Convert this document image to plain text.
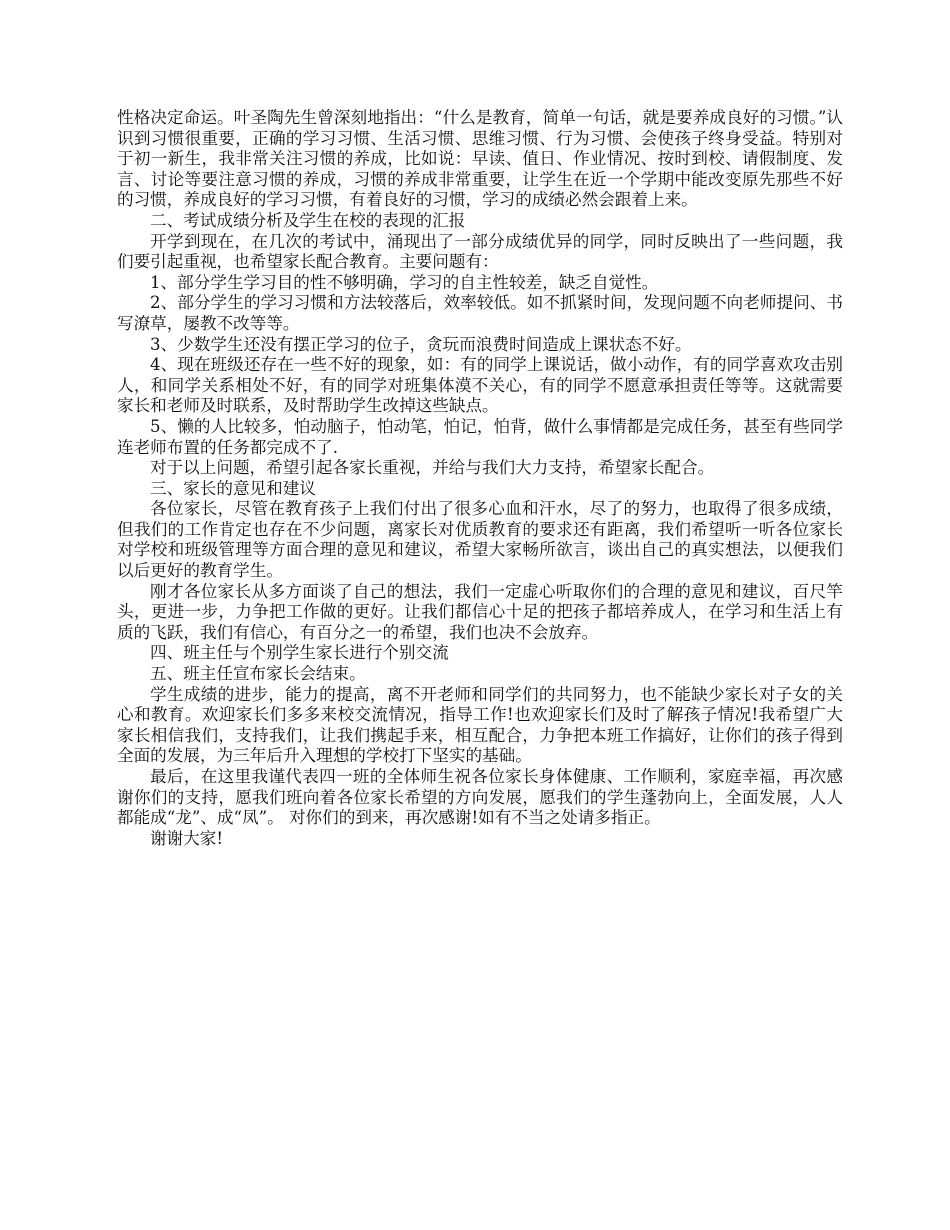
性格决定命运。叶圣陶先生曾深刻地指出：“什么是教育，简单一句话，就是要养成良好的习惯。”认识到习惯很重要，正确的学习习惯、生活习惯、思维习惯、行为习惯、会使孩子终身受益。特别对于初一新生，我非常关注习惯的养成，比如说：早读、值日、作业情况、按时到校、请假制度、发言、讨论等要注意习惯的养成，习惯的养成非常重要，让学生在近一个学期中能改变原先那些不好的习惯，养成良好的学习习惯，有着良好的习惯，学习的成绩必然会跟着上来。

二、考试成绩分析及学生在校的表现的汇报

开学到现在，在几次的考试中，涌现出了一部分成绩优异的同学，同时反映出了一些问题，我们要引起重视，也希望家长配合教育。主要问题有：

1、部分学生学习目的性不够明确，学习的自主性较差，缺乏自觉性。

2、部分学生的学习习惯和方法较落后，效率较低。如不抓紧时间，发现问题不向老师提问、书写潦草，屡教不改等等。

3、少数学生还没有摆正学习的位子，贪玩而浪费时间造成上课状态不好。

4、现在班级还存在一些不好的现象，如：有的同学上课说话，做小动作，有的同学喜欢攻击别人，和同学关系相处不好，有的同学对班集体漠不关心，有的同学不愿意承担责任等等。这就需要家长和老师及时联系，及时帮助学生改掉这些缺点。

5、懒的人比较多，怕动脑子，怕动笔，怕记，怕背，做什么事情都是完成任务，甚至有些同学连老师布置的任务都完成不了.

对于以上问题，希望引起各家长重视，并给与我们大力支持，希望家长配合。

三、家长的意见和建议

各位家长，尽管在教育孩子上我们付出了很多心血和汗水，尽了的努力，也取得了很多成绩，但我们的工作肯定也存在不少问题，离家长对优质教育的要求还有距离，我们希望听一听各位家长对学校和班级管理等方面合理的意见和建议，希望大家畅所欲言，谈出自己的真实想法，以便我们以后更好的教育学生。

刚才各位家长从多方面谈了自己的想法，我们一定虚心听取你们的合理的意见和建议，百尺竿头，更进一步，力争把工作做的更好。让我们都信心十足的把孩子都培养成人，在学习和生活上有质的飞跃，我们有信心，有百分之一的希望，我们也决不会放弃。

四、班主任与个别学生家长进行个别交流

五、班主任宣布家长会结束。

学生成绩的进步，能力的提高，离不开老师和同学们的共同努力，也不能缺少家长对子女的关心和教育。欢迎家长们多多来校交流情况，指导工作!也欢迎家长们及时了解孩子情况!我希望广大家长相信我们，支持我们，让我们携起手来，相互配合，力争把本班工作搞好，让你们的孩子得到全面的发展，为三年后升入理想的学校打下坚实的基础。

最后，在这里我谨代表四一班的全体师生祝各位家长身体健康、工作顺利，家庭幸福，再次感谢你们的支持，愿我们班向着各位家长希望的方向发展，愿我们的学生蓬勃向上，全面发展，人人都能成“龙”、成“凤”。 对你们的到来，再次感谢!如有不当之处请多指正。

谢谢大家!
